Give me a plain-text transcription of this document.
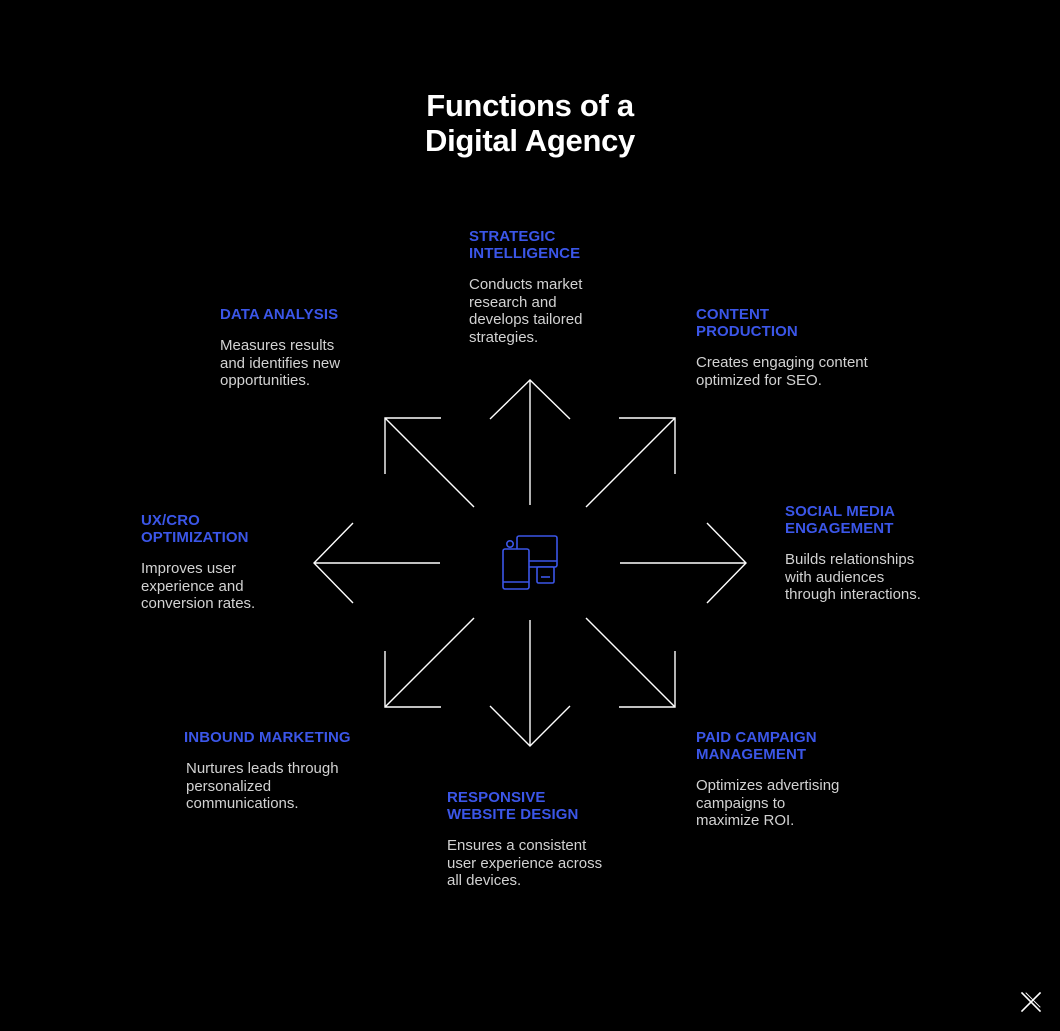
Functions of a
Digital Agency
STRATEGIC
INTELLIGENCE
Conducts market
research and
develops tailored
strategies.
DATA ANALYSIS
Measures results
and identifies new
opportunities.
CONTENT
PRODUCTION
Creates engaging content
optimized for SEO.
UX/CRO
OPTIMIZATION
Improves user
experience and
conversion rates.
SOCIAL MEDIA
ENGAGEMENT
Builds relationships
with audiences
through interactions.
INBOUND MARKETING
Nurtures leads through
personalized
communications.
PAID CAMPAIGN
MANAGEMENT
Optimizes advertising
campaigns to
maximize ROI.
RESPONSIVE
WEBSITE DESIGN
Ensures a consistent
user experience across
all devices.
